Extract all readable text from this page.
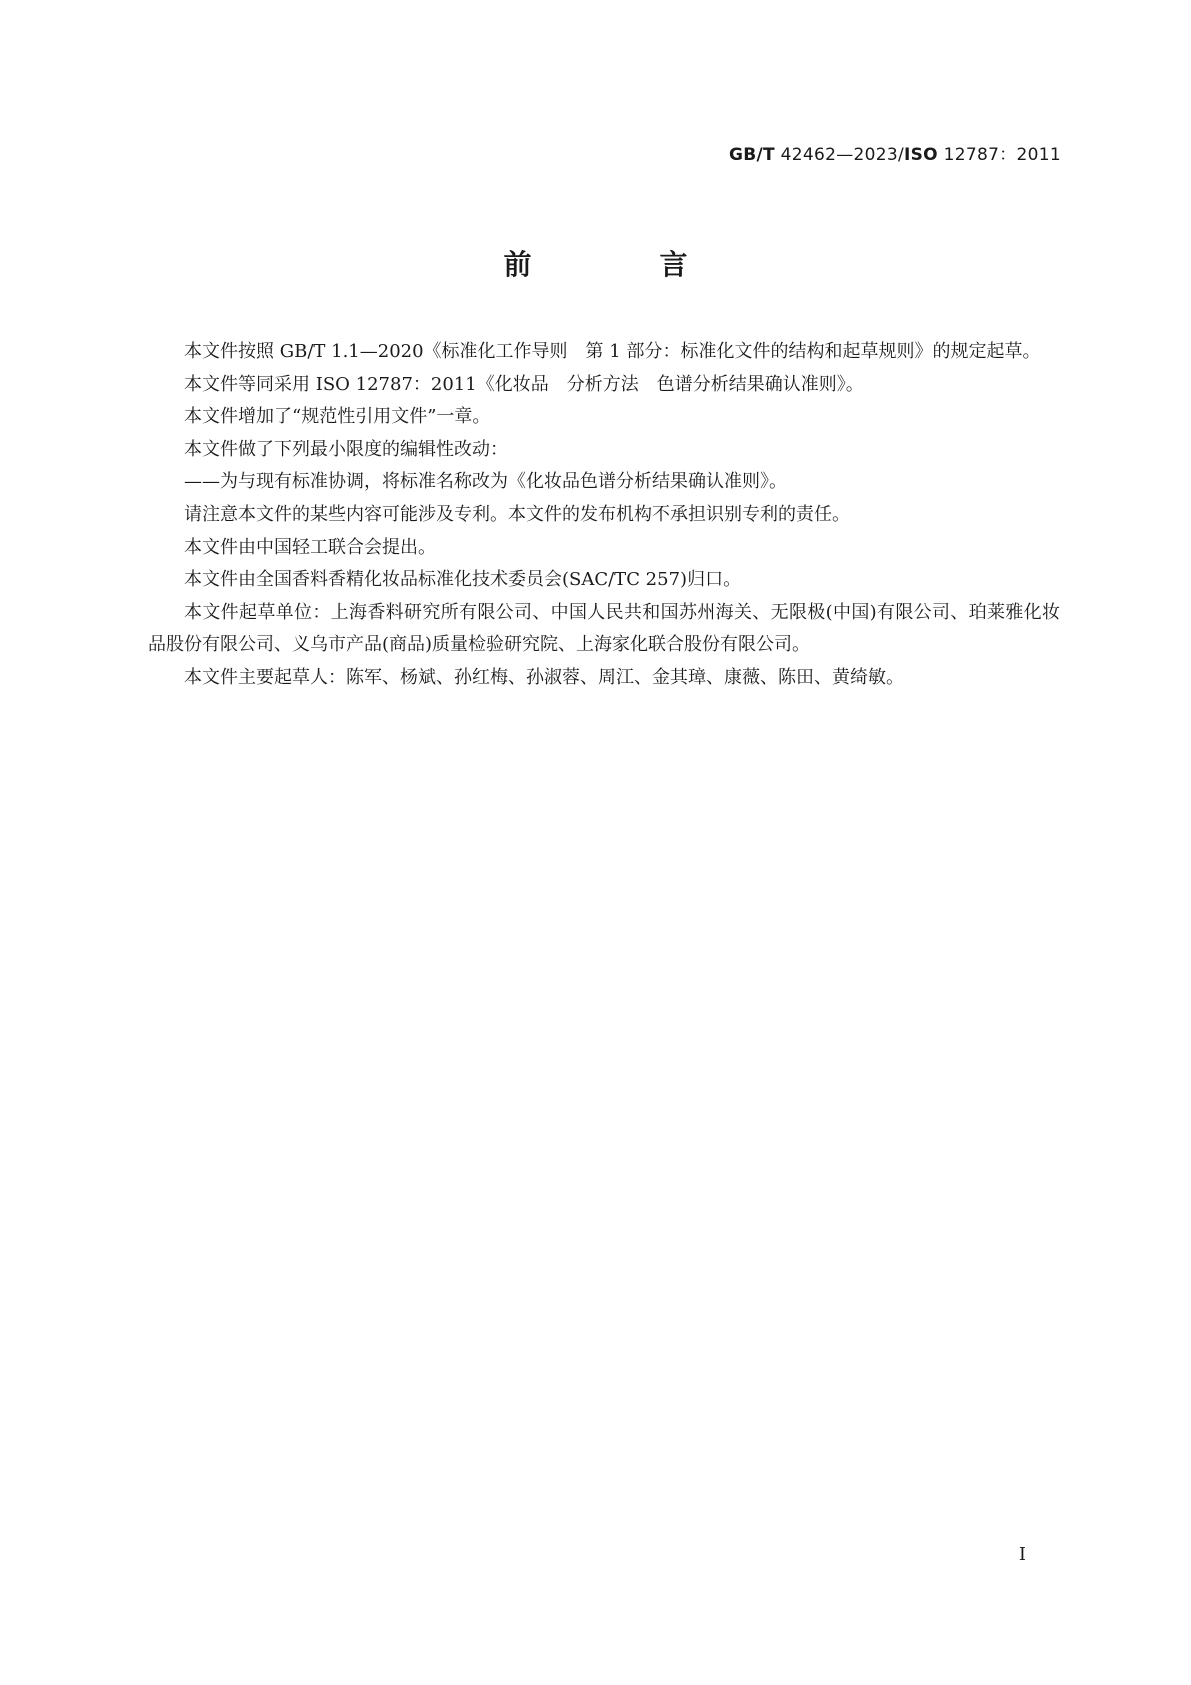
GB/T 42462—2023/ISO 12787：2011
前　言

本文件按照 GB/T 1.1—2020《标准化工作导则　第 1 部分：标准化文件的结构和起草规则》的规定起草。

本文件等同采用 ISO 12787：2011《化妆品　分析方法　色谱分析结果确认准则》。

本文件增加了“规范性引用文件”一章。

本文件做了下列最小限度的编辑性改动：

——为与现有标准协调，将标准名称改为《化妆品色谱分析结果确认准则》。

请注意本文件的某些内容可能涉及专利。本文件的发布机构不承担识别专利的责任。

本文件由中国轻工联合会提出。

本文件由全国香料香精化妆品标准化技术委员会(SAC/TC 257)归口。

本文件起草单位：上海香料研究所有限公司、中国人民共和国苏州海关、无限极(中国)有限公司、珀莱雅化妆品股份有限公司、义乌市产品(商品)质量检验研究院、上海家化联合股份有限公司。

本文件主要起草人：陈军、杨斌、孙红梅、孙淑蓉、周江、金其璋、康薇、陈田、黄绮敏。

I
